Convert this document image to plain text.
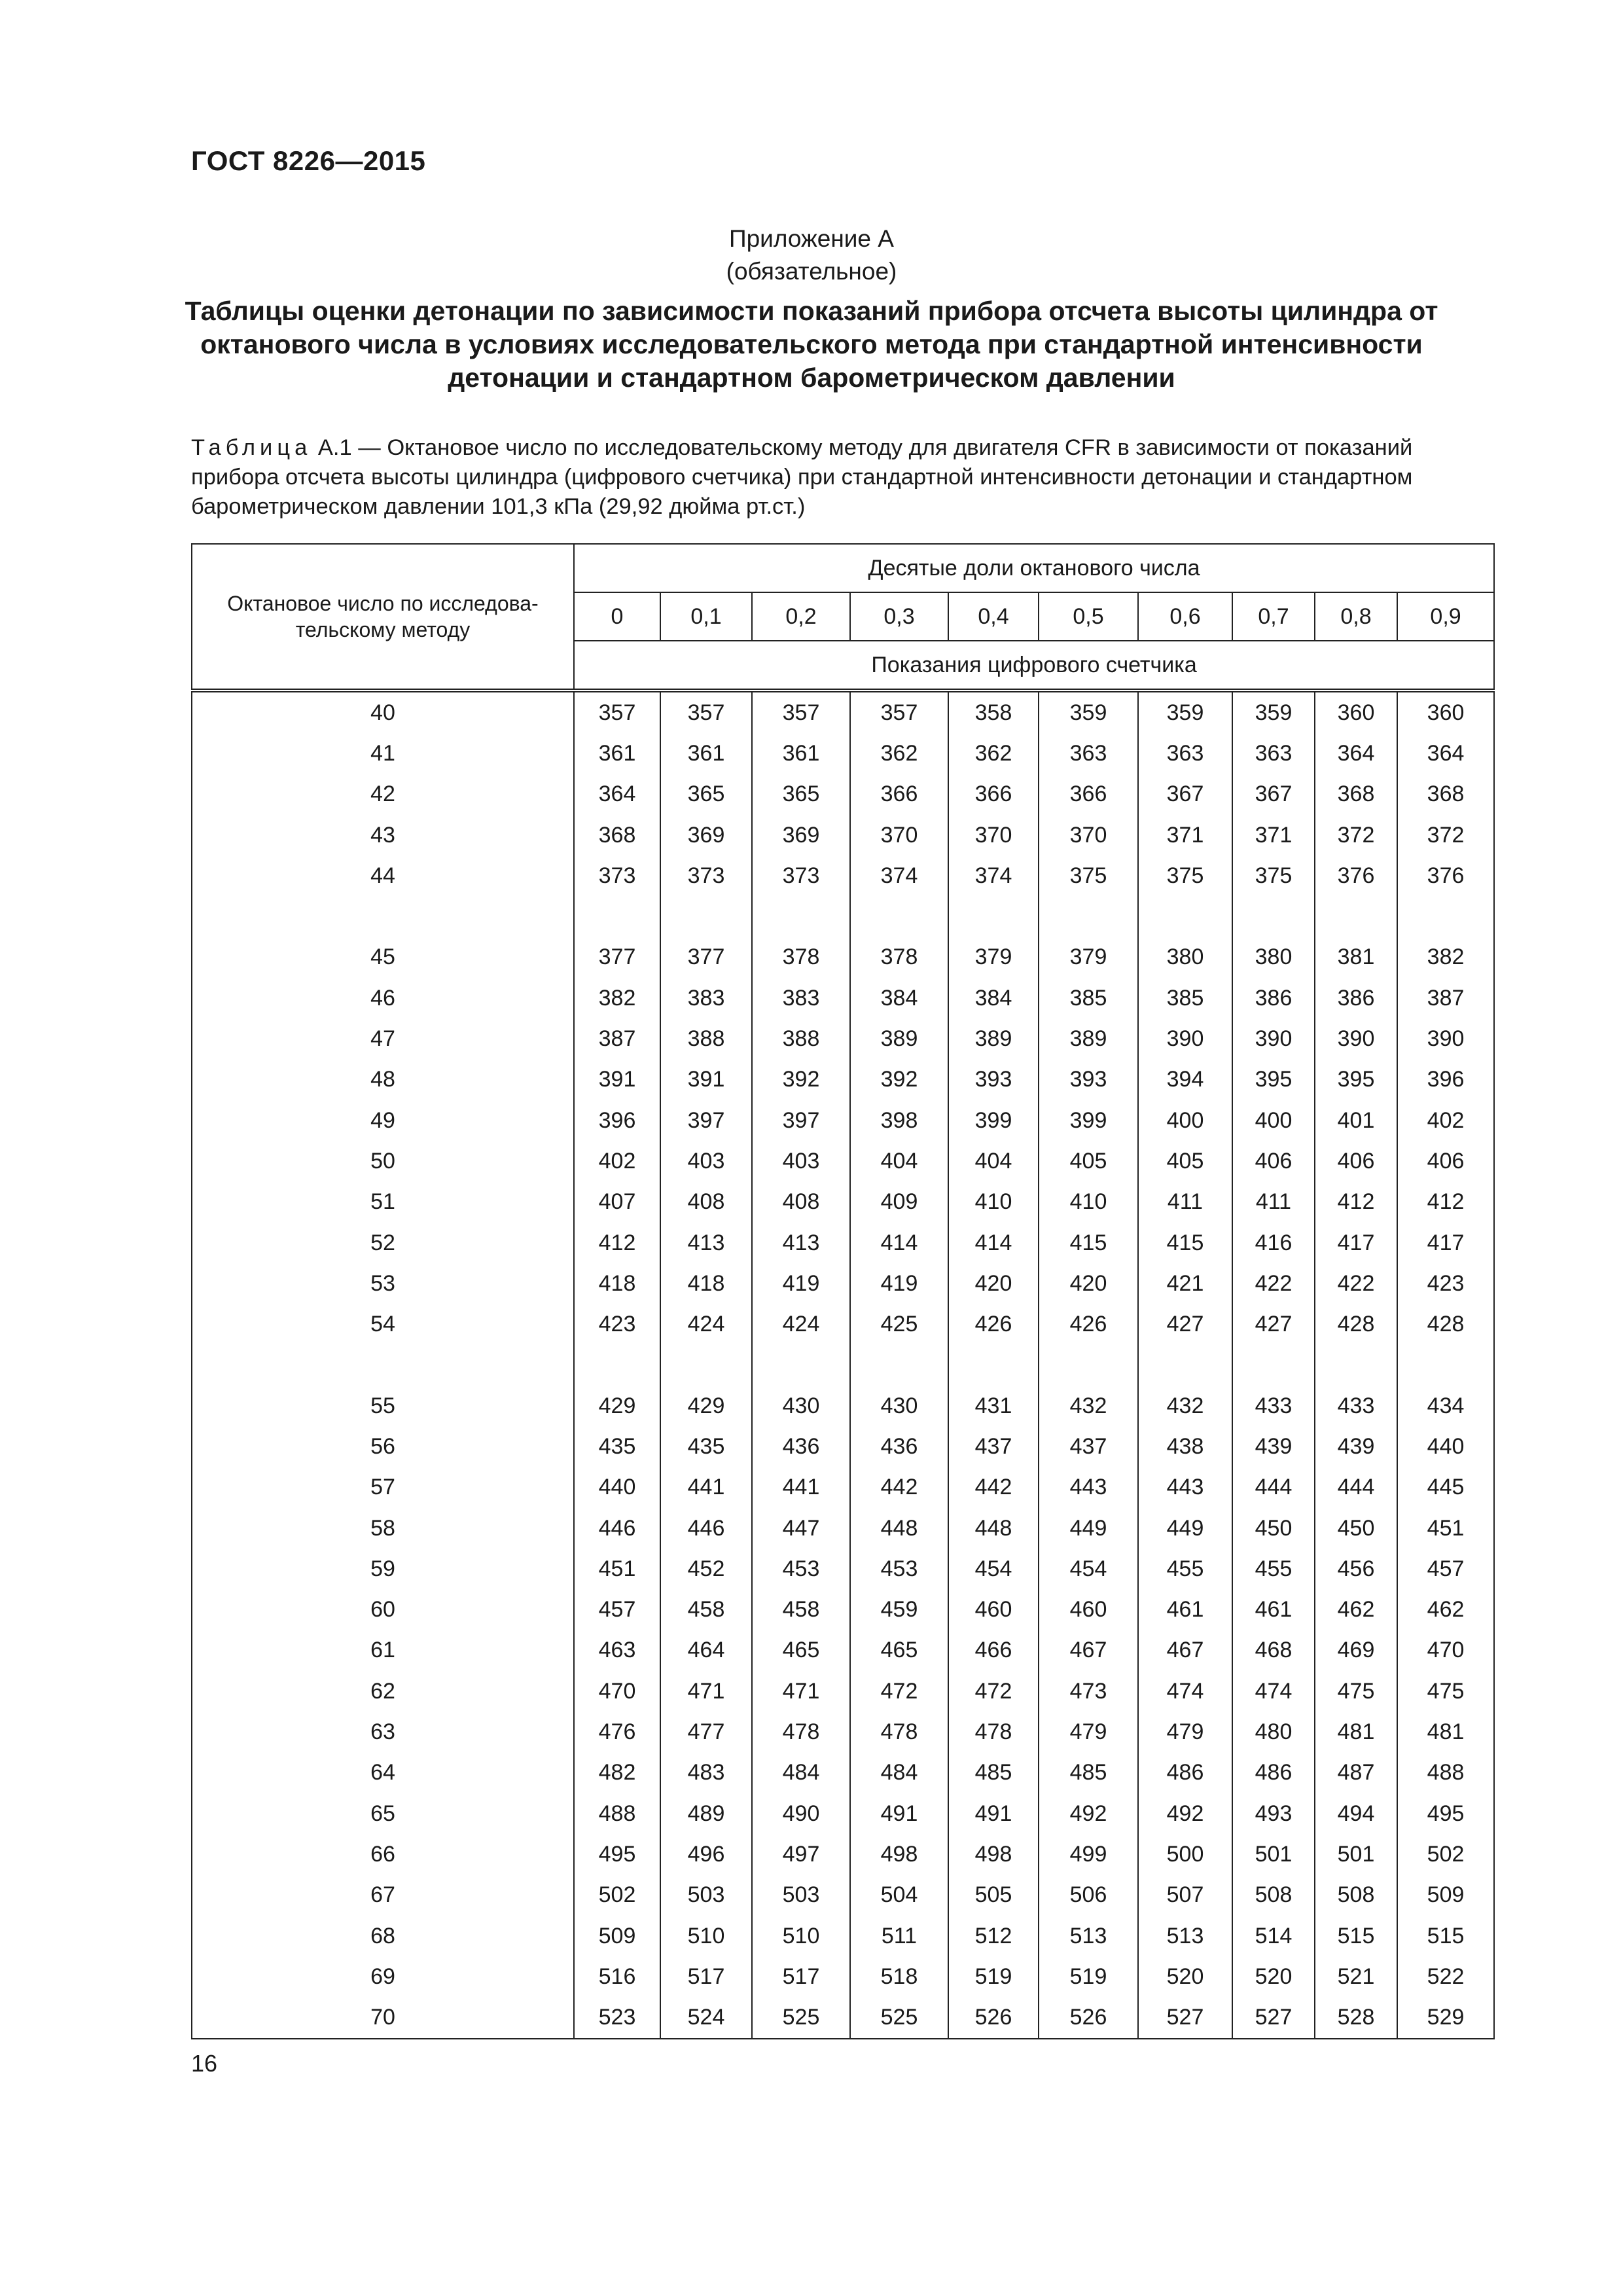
ГОСТ 8226—2015
Приложение А
(обязательное)
Таблицы оценки детонации по зависимости показаний прибора отсчета высоты цилиндра от
октанового числа в условиях исследовательского метода при стандартной интенсивности
детонации и стандартном барометрическом давлении
Таблица А.1 — Октановое число по исследовательскому методу для двигателя CFR в зависимости от показаний
прибора отсчета высоты цилиндра (цифрового счетчика) при стандартной интенсивности детонации и стандартном
барометрическом давлении 101,3 кПа (29,92 дюйма рт.ст.)
Октановое число по исследова-
тельскому методу	Десятые доли октанового числа									
	0	0,1	0,2	0,3	0,4	0,5	0,6	0,7	0,8	0,9
	Показания цифрового счетчика									
40	357	357	357	357	358	359	359	359	360	360
41	361	361	361	362	362	363	363	363	364	364
42	364	365	365	366	366	366	367	367	368	368
43	368	369	369	370	370	370	371	371	372	372
44	373	373	373	374	374	375	375	375	376	376

45	377	377	378	378	379	379	380	380	381	382
46	382	383	383	384	384	385	385	386	386	387
47	387	388	388	389	389	389	390	390	390	390
48	391	391	392	392	393	393	394	395	395	396
49	396	397	397	398	399	399	400	400	401	402
50	402	403	403	404	404	405	405	406	406	406
51	407	408	408	409	410	410	411	411	412	412
52	412	413	413	414	414	415	415	416	417	417
53	418	418	419	419	420	420	421	422	422	423
54	423	424	424	425	426	426	427	427	428	428

55	429	429	430	430	431	432	432	433	433	434
56	435	435	436	436	437	437	438	439	439	440
57	440	441	441	442	442	443	443	444	444	445
58	446	446	447	448	448	449	449	450	450	451
59	451	452	453	453	454	454	455	455	456	457
60	457	458	458	459	460	460	461	461	462	462
61	463	464	465	465	466	467	467	468	469	470
62	470	471	471	472	472	473	474	474	475	475
63	476	477	478	478	478	479	479	480	481	481
64	482	483	484	484	485	485	486	486	487	488
65	488	489	490	491	491	492	492	493	494	495
66	495	496	497	498	498	499	500	501	501	502
67	502	503	503	504	505	506	507	508	508	509
68	509	510	510	511	512	513	513	514	515	515
69	516	517	517	518	519	519	520	520	521	522
70	523	524	525	525	526	526	527	527	528	529
16
